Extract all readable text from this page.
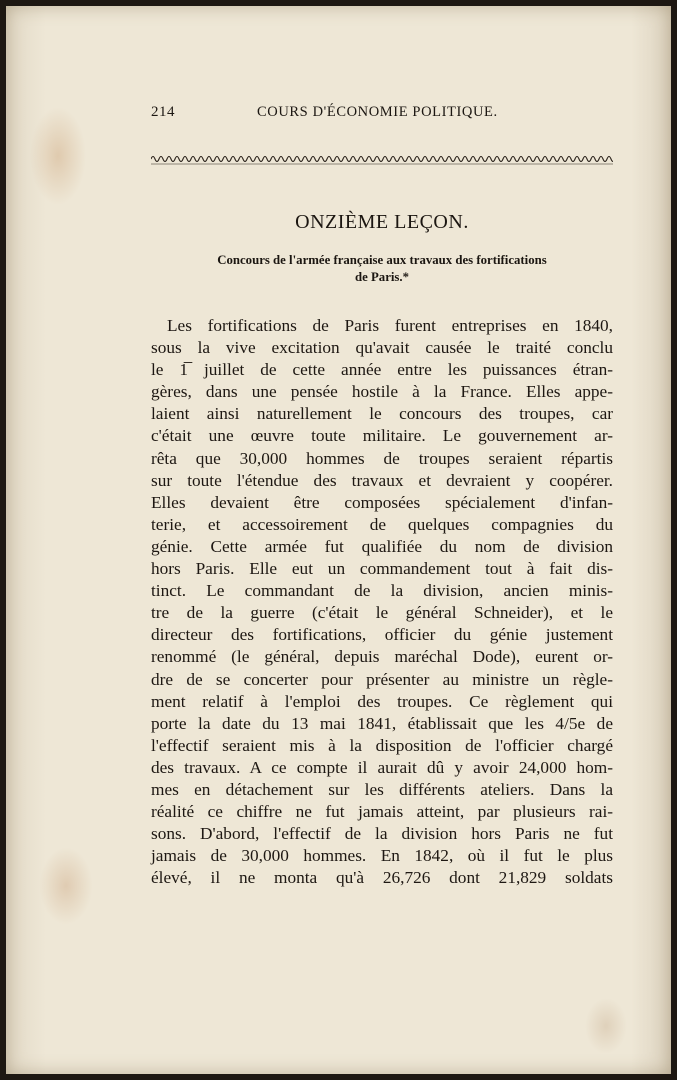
214	COURS D'ÉCONOMIE POLITIQUE.
ONZIÈME LEÇON.
Concours de l'armée française aux travaux des fortifications
de Paris.*
Les fortifications de Paris furent entreprises en 1840,
sous la vive excitation qu'avait causée le traité conclu
le 1̅ juillet de cette année entre les puissances étran-
gères, dans une pensée hostile à la France. Elles appe-
laient ainsi naturellement le concours des troupes, car
c'était une œuvre toute militaire. Le gouvernement ar-
rêta que 30,000 hommes de troupes seraient répartis
sur toute l'étendue des travaux et devraient y coopérer.
Elles devaient être composées spécialement d'infan-
terie, et accessoirement de quelques compagnies du
génie. Cette armée fut qualifiée du nom de division
hors Paris. Elle eut un commandement tout à fait dis-
tinct. Le commandant de la division, ancien minis-
tre de la guerre (c'était le général Schneider), et le
directeur des fortifications, officier du génie justement
renommé (le général, depuis maréchal Dode), eurent or-
dre de se concerter pour présenter au ministre un règle-
ment relatif à l'emploi des troupes. Ce règlement qui
porte la date du 13 mai 1841, établissait que les 4/5e de
l'effectif seraient mis à la disposition de l'officier chargé
des travaux. A ce compte il aurait dû y avoir 24,000 hom-
mes en détachement sur les différents ateliers. Dans la
réalité ce chiffre ne fut jamais atteint, par plusieurs rai-
sons. D'abord, l'effectif de la division hors Paris ne fut
jamais de 30,000 hommes. En 1842, où il fut le plus
élevé, il ne monta qu'à 26,726 dont 21,829 soldats
